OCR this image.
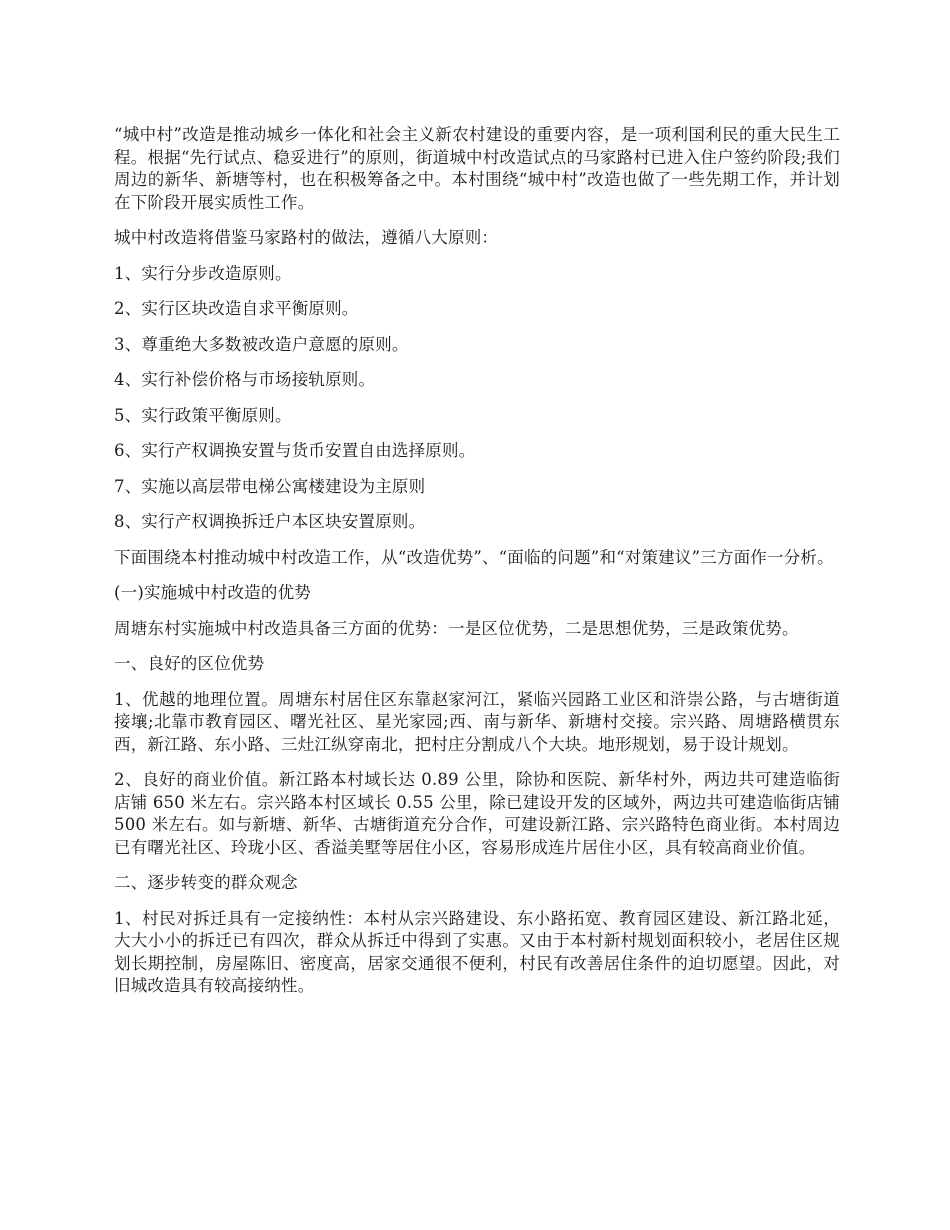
“城中村”改造是推动城乡一体化和社会主义新农村建设的重要内容，是一项利国利民的重大民生工程。根据“先行试点、稳妥进行”的原则，街道城中村改造试点的马家路村已进入住户签约阶段;我们周边的新华、新塘等村，也在积极筹备之中。本村围绕“城中村”改造也做了一些先期工作，并计划在下阶段开展实质性工作。

城中村改造将借鉴马家路村的做法，遵循八大原则：

1、实行分步改造原则。

2、实行区块改造自求平衡原则。

3、尊重绝大多数被改造户意愿的原则。

4、实行补偿价格与市场接轨原则。

5、实行政策平衡原则。

6、实行产权调换安置与货币安置自由选择原则。

7、实施以高层带电梯公寓楼建设为主原则

8、实行产权调换拆迁户本区块安置原则。

下面围绕本村推动城中村改造工作，从“改造优势”、“面临的问题”和“对策建议”三方面作一分析。

(一)实施城中村改造的优势

周塘东村实施城中村改造具备三方面的优势：一是区位优势，二是思想优势，三是政策优势。

一、良好的区位优势

1、优越的地理位置。周塘东村居住区东靠赵家河江，紧临兴园路工业区和浒崇公路，与古塘街道接壤;北靠市教育园区、曙光社区、星光家园;西、南与新华、新塘村交接。宗兴路、周塘路横贯东西，新江路、东小路、三灶江纵穿南北，把村庄分割成八个大块。地形规划，易于设计规划。

2、良好的商业价值。新江路本村域长达 0.89 公里，除协和医院、新华村外，两边共可建造临街店铺 650 米左右。宗兴路本村区域长 0.55 公里，除已建设开发的区域外，两边共可建造临街店铺 500 米左右。如与新塘、新华、古塘街道充分合作，可建设新江路、宗兴路特色商业街。本村周边已有曙光社区、玲珑小区、香溢美墅等居住小区，容易形成连片居住小区，具有较高商业价值。

二、逐步转变的群众观念

1、村民对拆迁具有一定接纳性：本村从宗兴路建设、东小路拓宽、教育园区建设、新江路北延，大大小小的拆迁已有四次，群众从拆迁中得到了实惠。又由于本村新村规划面积较小，老居住区规划长期控制，房屋陈旧、密度高，居家交通很不便利，村民有改善居住条件的迫切愿望。因此，对旧城改造具有较高接纳性。
